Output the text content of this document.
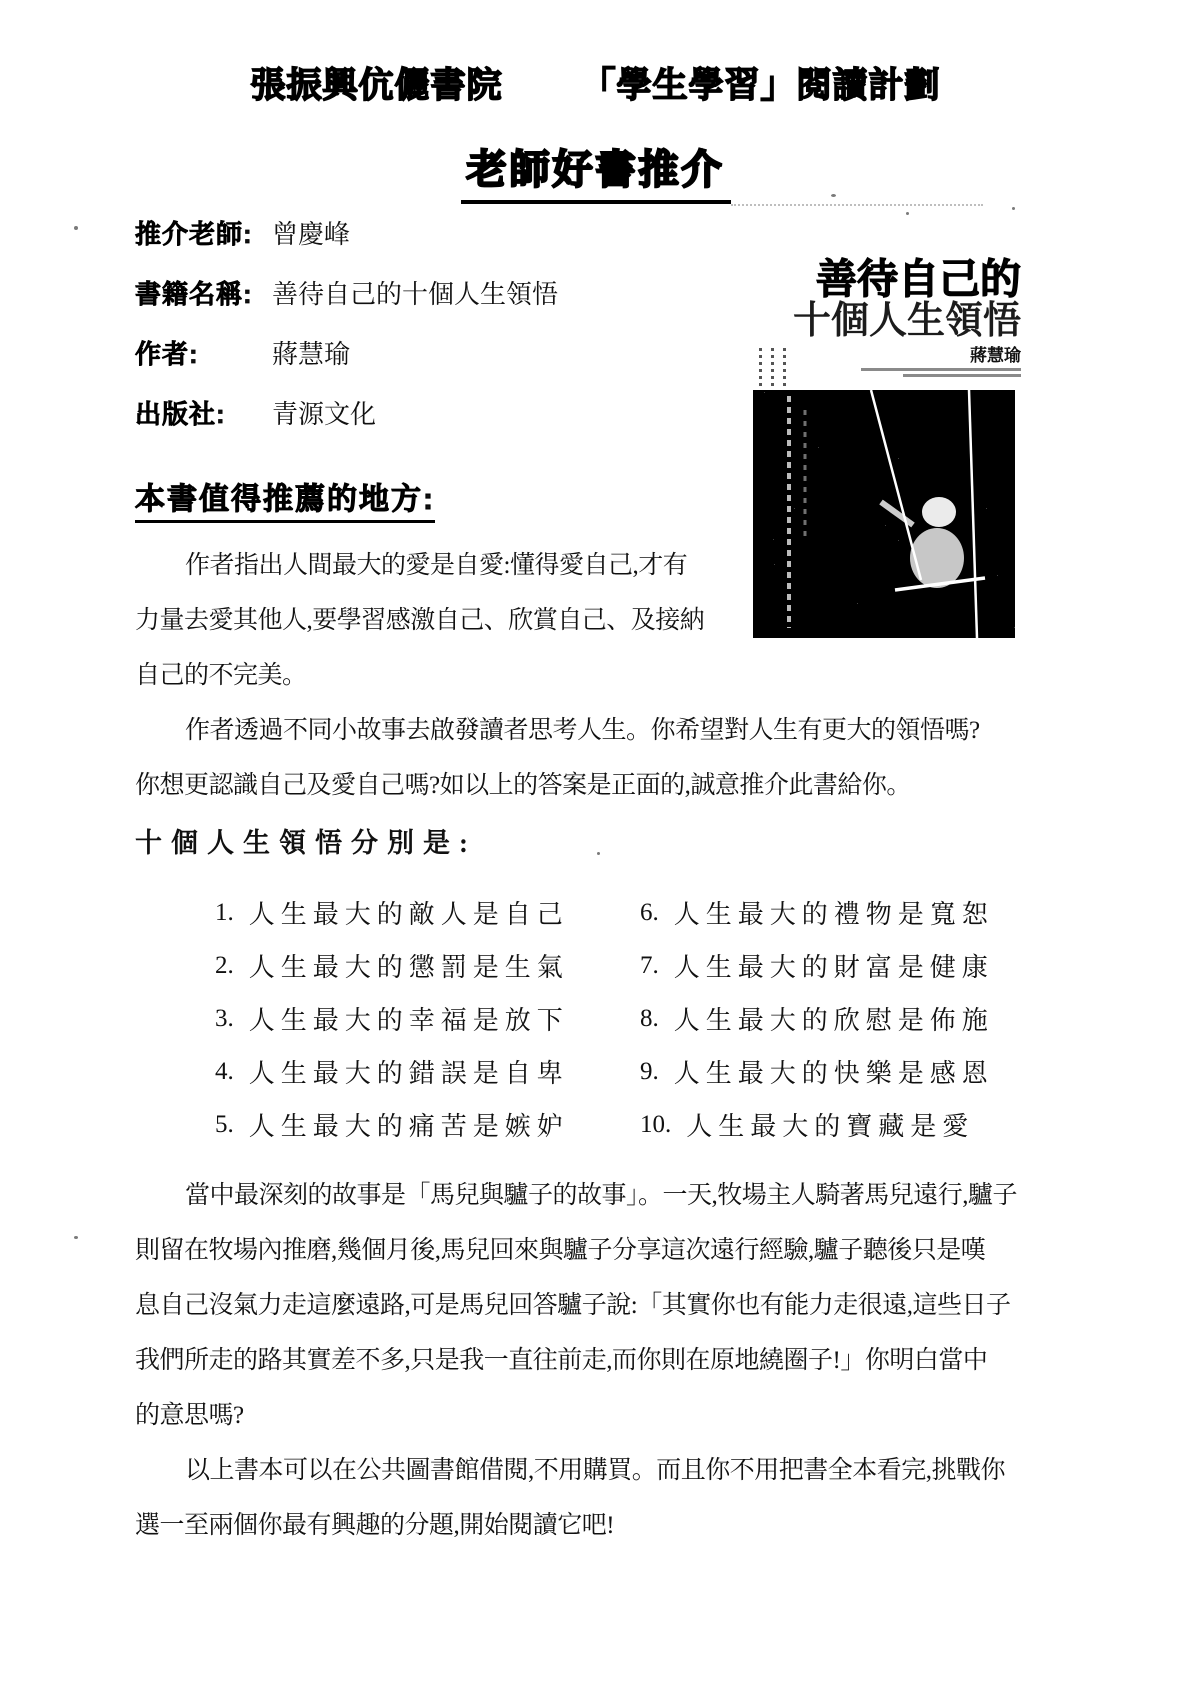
張振興伉儷書院 「學生學習」閱讀計劃
老師好書推介
善待自己的
十個人生領悟
蔣慧瑜
推介老師: 曾慶峰
書籍名稱: 善待自己的十個人生領悟
作者:	蔣慧瑜
出版社: 青源文化
本書值得推薦的地方:
作者指出人間最大的愛是自愛:懂得愛自己,才有
力量去愛其他人,要學習感激自己、欣賞自己、及接納
自己的不完美。
作者透過不同小故事去啟發讀者思考人生。你希望對人生有更大的領悟嗎?
你想更認識自己及愛自己嗎?如以上的答案是正面的,誠意推介此書給你。
十個人生領悟分別是:
1. 人生最大的敵人是自己
2. 人生最大的懲罰是生氣
3. 人生最大的幸福是放下
4. 人生最大的錯誤是自卑
5. 人生最大的痛苦是嫉妒
6. 人生最大的禮物是寬恕
7. 人生最大的財富是健康
8. 人生最大的欣慰是佈施
9. 人生最大的快樂是感恩
10. 人生最大的寶藏是愛
當中最深刻的故事是「馬兒與驢子的故事」。一天,牧場主人騎著馬兒遠行,驢子
則留在牧場內推磨,幾個月後,馬兒回來與驢子分享這次遠行經驗,驢子聽後只是嘆
息自己沒氣力走這麼遠路,可是馬兒回答驢子說:「其實你也有能力走很遠,這些日子
我們所走的路其實差不多,只是我一直往前走,而你則在原地繞圈子!」你明白當中
的意思嗎?
以上書本可以在公共圖書館借閱,不用購買。而且你不用把書全本看完,挑戰你
選一至兩個你最有興趣的分題,開始閱讀它吧!
